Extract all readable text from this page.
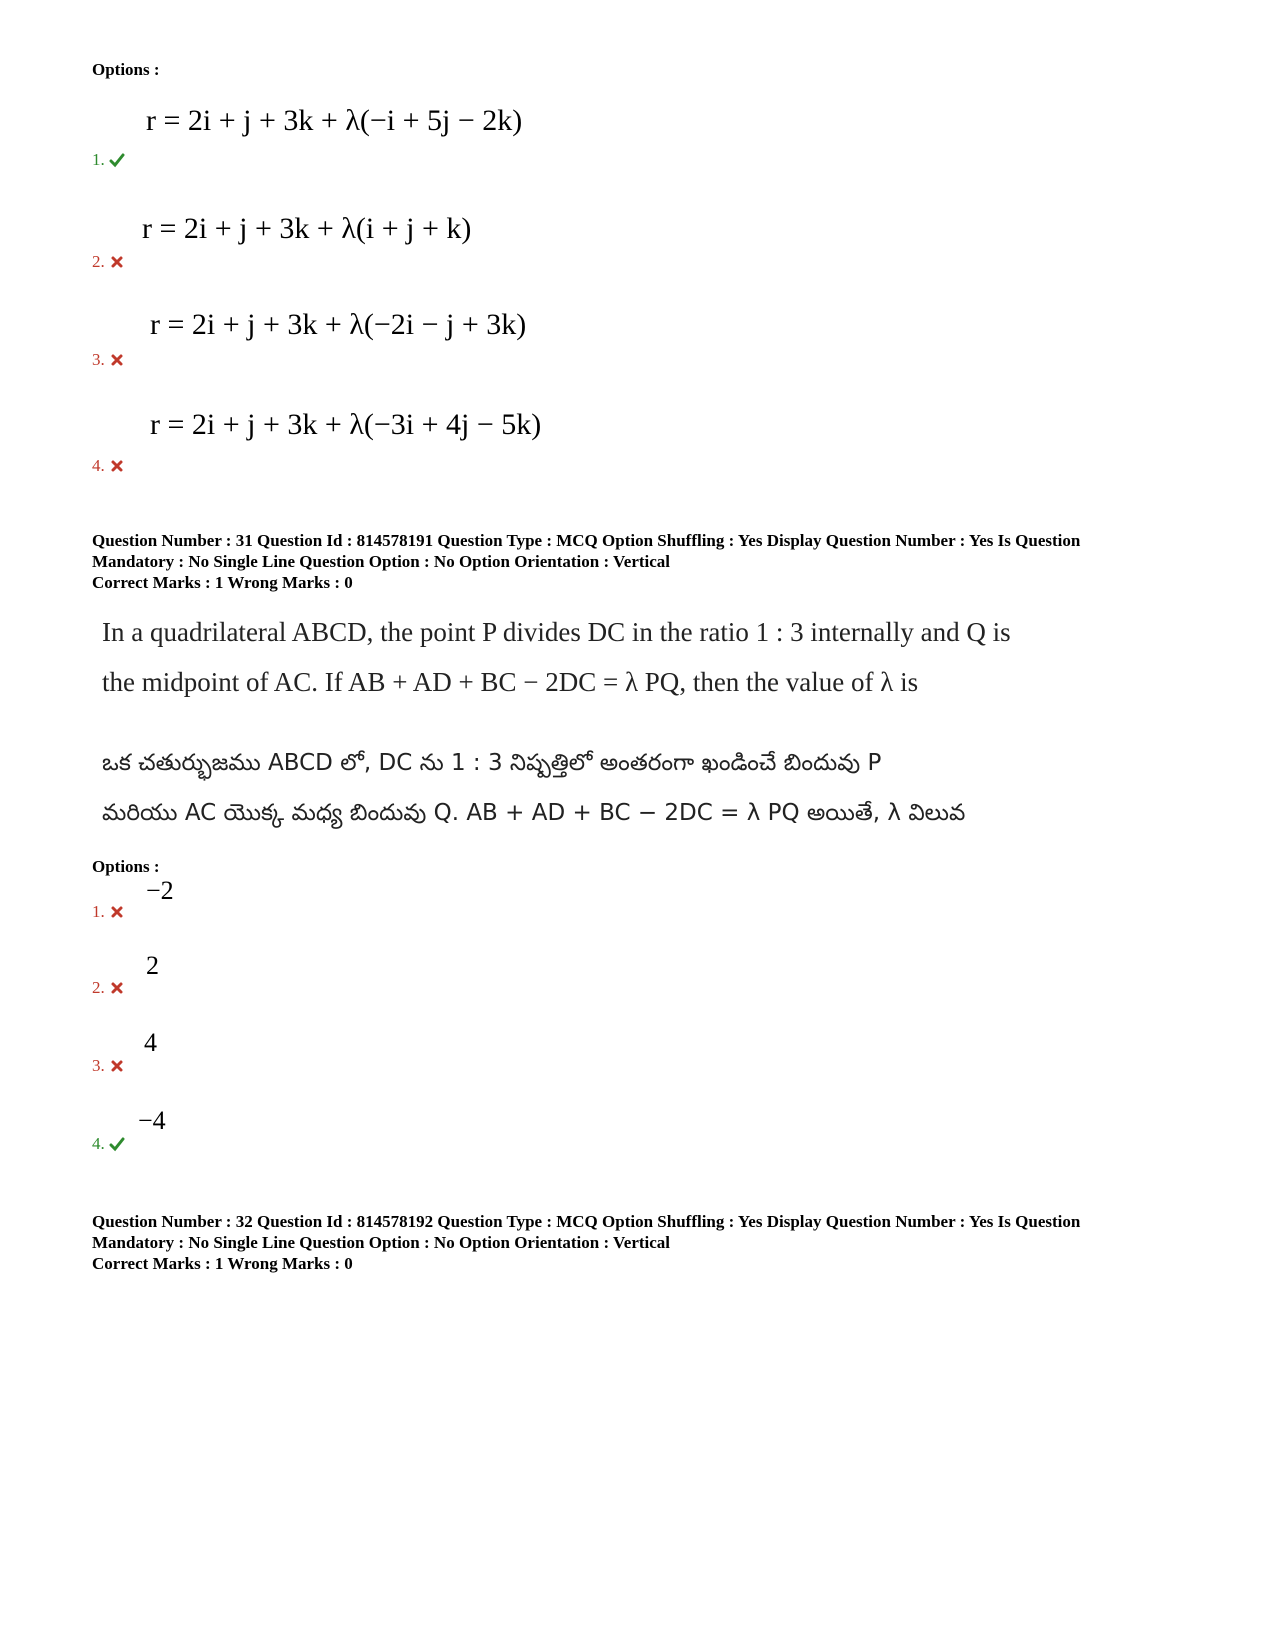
Options :
r = 2i + j + 3k + λ(−i + 5j − 2k)
1.
r = 2i + j + 3k + λ(i + j + k)
2.
r = 2i + j + 3k + λ(−2i − j + 3k)
3.
r = 2i + j + 3k + λ(−3i + 4j − 5k)
4.
Question Number : 31 Question Id : 814578191 Question Type : MCQ Option Shuffling : Yes Display Question Number : Yes Is Question
Mandatory : No Single Line Question Option : No Option Orientation : Vertical
Correct Marks : 1 Wrong Marks : 0
In a quadrilateral ABCD, the point P divides DC in the ratio 1 : 3 internally and Q is
the midpoint of AC. If AB + AD + BC − 2DC = λ PQ, then the value of λ is
ఒక చతుర్భుజము ABCD లో, DC ను 1 : 3 నిష్పత్తిలో అంతరంగా ఖండించే బిందువు P
మరియు AC యొక్క మధ్య బిందువు Q. AB + AD + BC − 2DC = λ PQ అయితే, λ విలువ
Options :
−2
1.
2
2.
4
3.
−4
4.
Question Number : 32 Question Id : 814578192 Question Type : MCQ Option Shuffling : Yes Display Question Number : Yes Is Question
Mandatory : No Single Line Question Option : No Option Orientation : Vertical
Correct Marks : 1 Wrong Marks : 0
